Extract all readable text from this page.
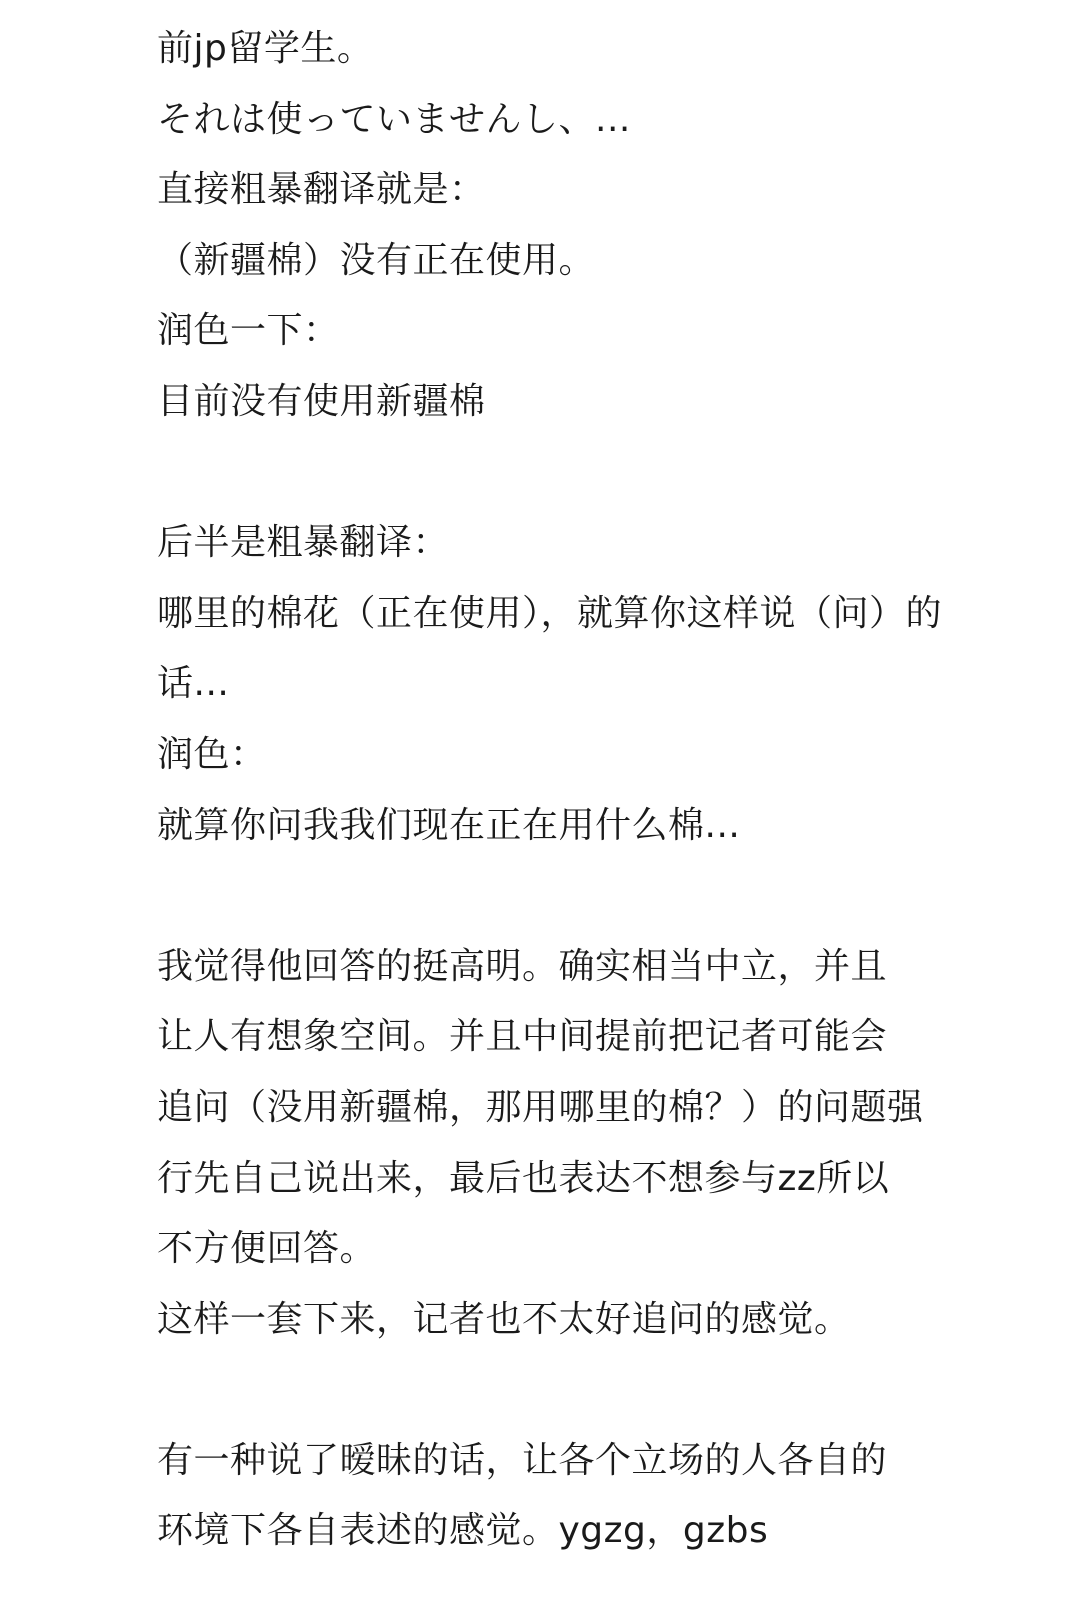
前jp留学生。
それは使っていませんし、...
直接粗暴翻译就是：
（新疆棉）没有正在使用。
润色一下：
目前没有使用新疆棉
后半是粗暴翻译：
哪里的棉花（正在使用），就算你这样说（问）的
话...
润色：
就算你问我我们现在正在用什么棉...
我觉得他回答的挺高明。确实相当中立，并且
让人有想象空间。并且中间提前把记者可能会
追问（没用新疆棉，那用哪里的棉？）的问题强
行先自己说出来，最后也表达不想参与zz所以
不方便回答。
这样一套下来，记者也不太好追问的感觉。
有一种说了暧昧的话，让各个立场的人各自的
环境下各自表述的感觉。ygzg，gzbs
